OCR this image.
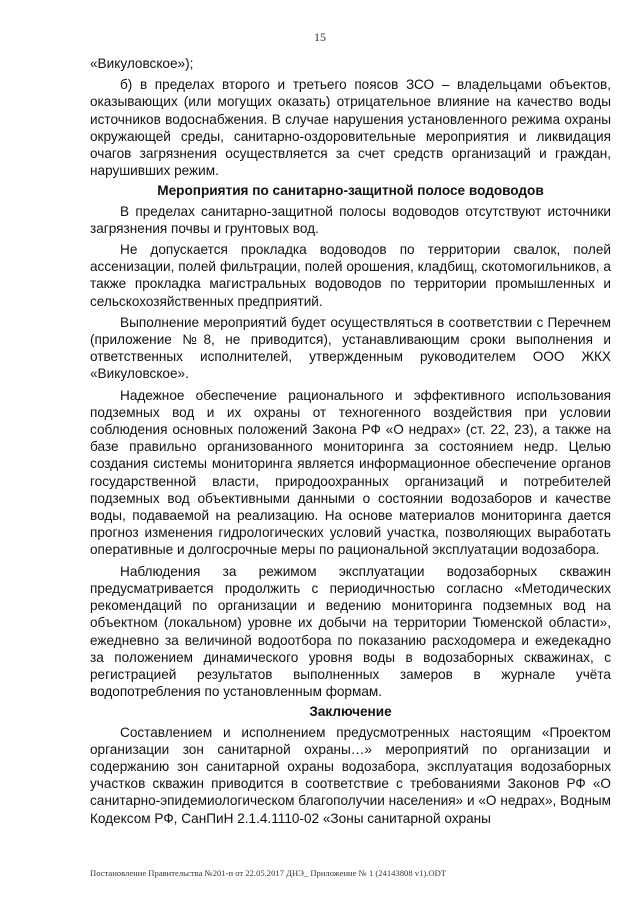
15

«Викуловское»);

б) в пределах второго и третьего поясов ЗСО – владельцами объектов, оказывающих (или могущих оказать) отрицательное влияние на качество воды источников водоснабжения. В случае нарушения установленного режима охраны окружающей среды, санитарно-оздоровительные мероприятия и ликвидация очагов загрязнения осуществляется за счет средств организаций и граждан, нарушивших режим.

Мероприятия по санитарно-защитной полосе водоводов

В пределах санитарно-защитной полосы водоводов отсутствуют источники загрязнения почвы и грунтовых вод.

Не допускается прокладка водоводов по территории свалок, полей ассенизации, полей фильтрации, полей орошения, кладбищ, скотомогильников, а также прокладка магистральных водоводов по территории промышленных и сельскохозяйственных предприятий.

Выполнение мероприятий будет осуществляться в соответствии с Перечнем (приложение №8, не приводится), устанавливающим сроки выполнения и ответственных исполнителей, утвержденным руководителем ООО ЖКХ «Викуловское».

Надежное обеспечение рационального и эффективного использования подземных вод и их охраны от техногенного воздействия при условии соблюдения основных положений Закона РФ «О недрах» (ст. 22, 23), а также на базе правильно организованного мониторинга за состоянием недр. Целью создания системы мониторинга является информационное обеспечение органов государственной власти, природоохранных организаций и потребителей подземных вод объективными данными о состоянии водозаборов и качестве воды, подаваемой на реализацию. На основе материалов мониторинга дается прогноз изменения гидрологических условий участка, позволяющих выработать оперативные и долгосрочные меры по рациональной эксплуатации водозабора.

Наблюдения за режимом эксплуатации водозаборных скважин предусматривается продолжить с периодичностью согласно «Методических рекомендаций по организации и ведению мониторинга подземных вод на объектном (локальном) уровне их добычи на территории Тюменской области», ежедневно за величиной водоотбора по показанию расходомера и ежедекадно за положением динамического уровня воды в водозаборных скважинах, с регистрацией результатов выполненных замеров в журнале учёта водопотребления по установленным формам.

Заключение

Составлением и исполнением предусмотренных настоящим «Проектом организации зон санитарной охраны…» мероприятий по организации и содержанию зон санитарной охраны водозабора, эксплуатация водозаборных участков скважин приводится в соответствие с требованиями Законов РФ «О санитарно-эпидемиологическом благополучии населения» и «О недрах», Водным Кодексом РФ, СанПиН 2.1.4.1110-02 «Зоны санитарной охраны

Постановление Правительства №201-п от 22.05.2017 ДНЭ_ Приложение № 1 (24143808 v1).ODT
